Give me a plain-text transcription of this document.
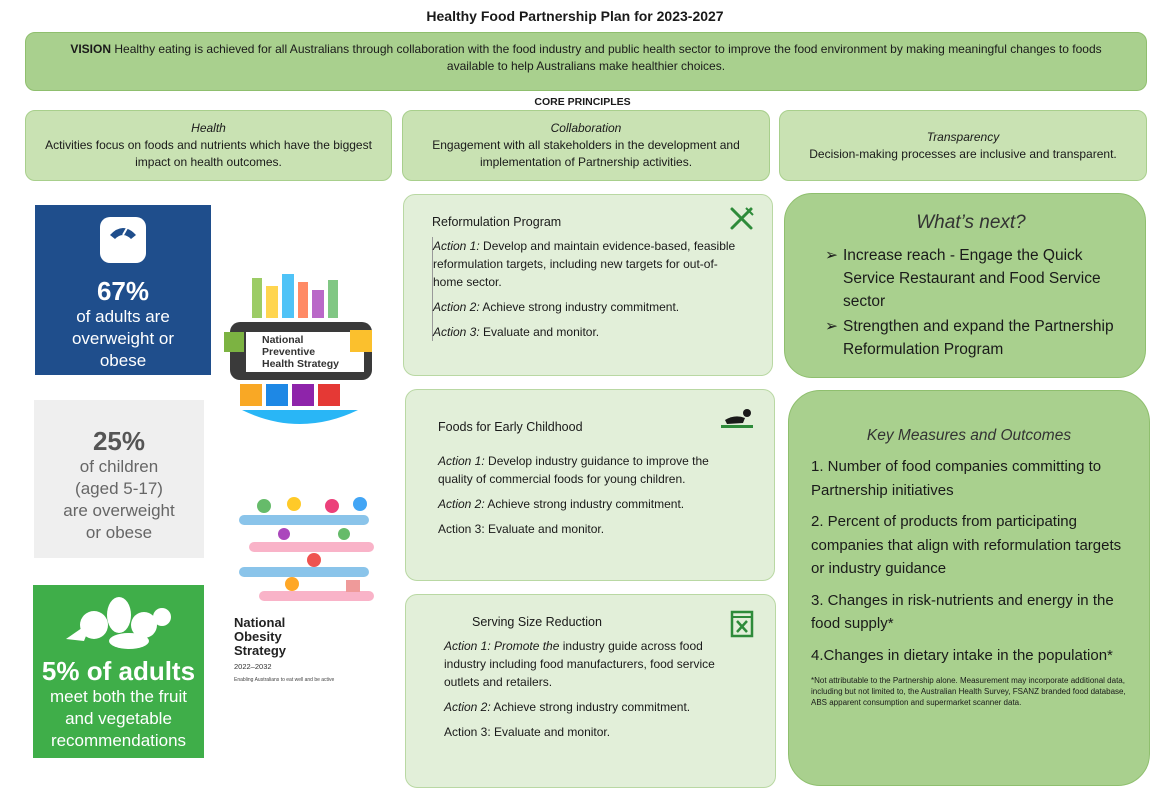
Healthy Food Partnership Plan for 2023-2027
VISION Healthy eating is achieved for all Australians through collaboration with the food industry and public health sector to improve the food environment by making meaningful changes to foods available to help Australians make healthier choices.
CORE PRINCIPLES
Health
Activities focus on foods and nutrients which have the biggest impact on health outcomes.
Collaboration
Engagement with all stakeholders in the development and implementation of Partnership activities.
Transparency
Decision-making processes are inclusive and transparent.
67%
of adults are overweight or obese
25%
of children
(aged 5-17)
are overweight
or obese
5% of adults
meet both the fruit and vegetable recommendations
National
Preventive
Health Strategy
National
Obesity
Strategy
2022–2032
Enabling Australians to eat well and be active
Reformulation Program

Action 1: Develop and maintain evidence-based, feasible reformulation targets, including new targets for out-of-home sector.

Action 2: Achieve strong industry commitment.

Action 3: Evaluate and monitor.

Foods for Early Childhood

Action 1: Develop industry guidance to improve the quality of commercial foods for young children.

Action 2: Achieve strong industry commitment.

Action 3: Evaluate and monitor.

Serving Size Reduction

Action 1: Promote the industry guide across food industry including food manufacturers, food service outlets and retailers.

Action 2: Achieve strong industry commitment.

Action 3: Evaluate and monitor.

What’s next?
➢ Increase reach - Engage the Quick Service Restaurant and Food Service sector
➢ Strengthen and expand the Partnership Reformulation Program
Key Measures and Outcomes
1. Number of food companies committing to Partnership initiatives
2. Percent of products from participating companies that align with reformulation targets or industry guidance
3. Changes in risk-nutrients and energy in the food supply*
4.Changes in dietary intake in the population*
*Not attributable to the Partnership alone. Measurement may incorporate additional data, including but not limited to, the Australian Health Survey, FSANZ branded food database, ABS apparent consumption and supermarket scanner data.
